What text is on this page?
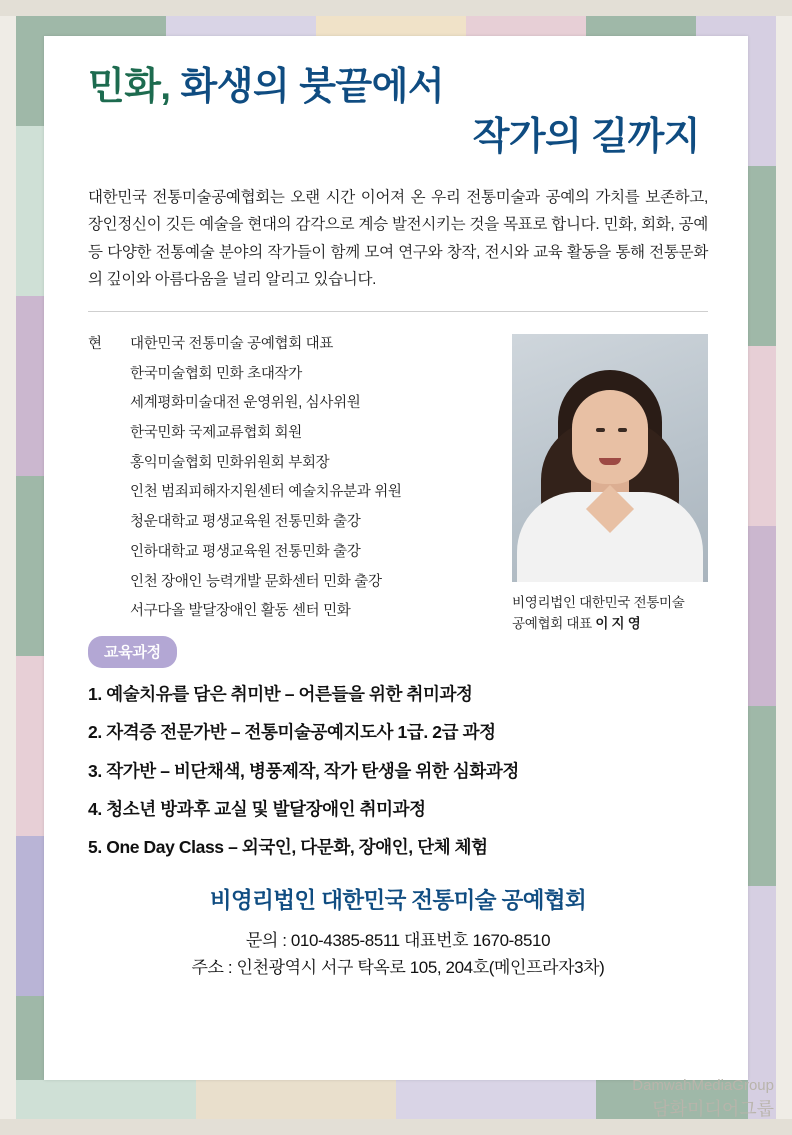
민화, 화생의 붓끝에서
작가의 길까지
대한민국 전통미술공예협회는 오랜 시간 이어져 온 우리 전통미술과 공예의 가치를 보존하고, 장인정신이 깃든 예술을 현대의 감각으로 계승 발전시키는 것을 목표로 합니다. 민화, 회화, 공예등 다양한 전통예술 분야의 작가들이 함께 모여 연구와 창작, 전시와 교육 활동을 통해 전통문화의 깊이와 아름다움을 널리 알리고 있습니다.
현	대한민국 전통미술 공예협회 대표
한국미술협회 민화 초대작가
세계평화미술대전 운영위원, 심사위원
한국민화 국제교류협회 회원
홍익미술협회 민화위원회 부회장
인천 범죄피해자지원센터 예술치유분과 위원
청운대학교 평생교육원 전통민화 출강
인하대학교 평생교육원 전통민화 출강
인천 장애인 능력개발 문화센터 민화 출강
서구다올 발달장애인 활동 센터 민화
비영리법인 대한민국 전통미술
공예협회 대표 이 지 영
교육과정
1. 예술치유를 담은 취미반 – 어른들을 위한 취미과정
2. 자격증 전문가반 – 전통미술공예지도사 1급. 2급 과정
3. 작가반 – 비단채색, 병풍제작, 작가 탄생을 위한 심화과정
4. 청소년 방과후 교실 및 발달장애인 취미과정
5. One Day Class – 외국인, 다문화, 장애인, 단체 체험
비영리법인 대한민국 전통미술 공예협회
문의 : 010-4385-8511 대표번호 1670-8510
주소 : 인천광역시 서구 탁옥로 105, 204호(메인프라자3차)
DamwahMediaGroup
담화미디어그룹
